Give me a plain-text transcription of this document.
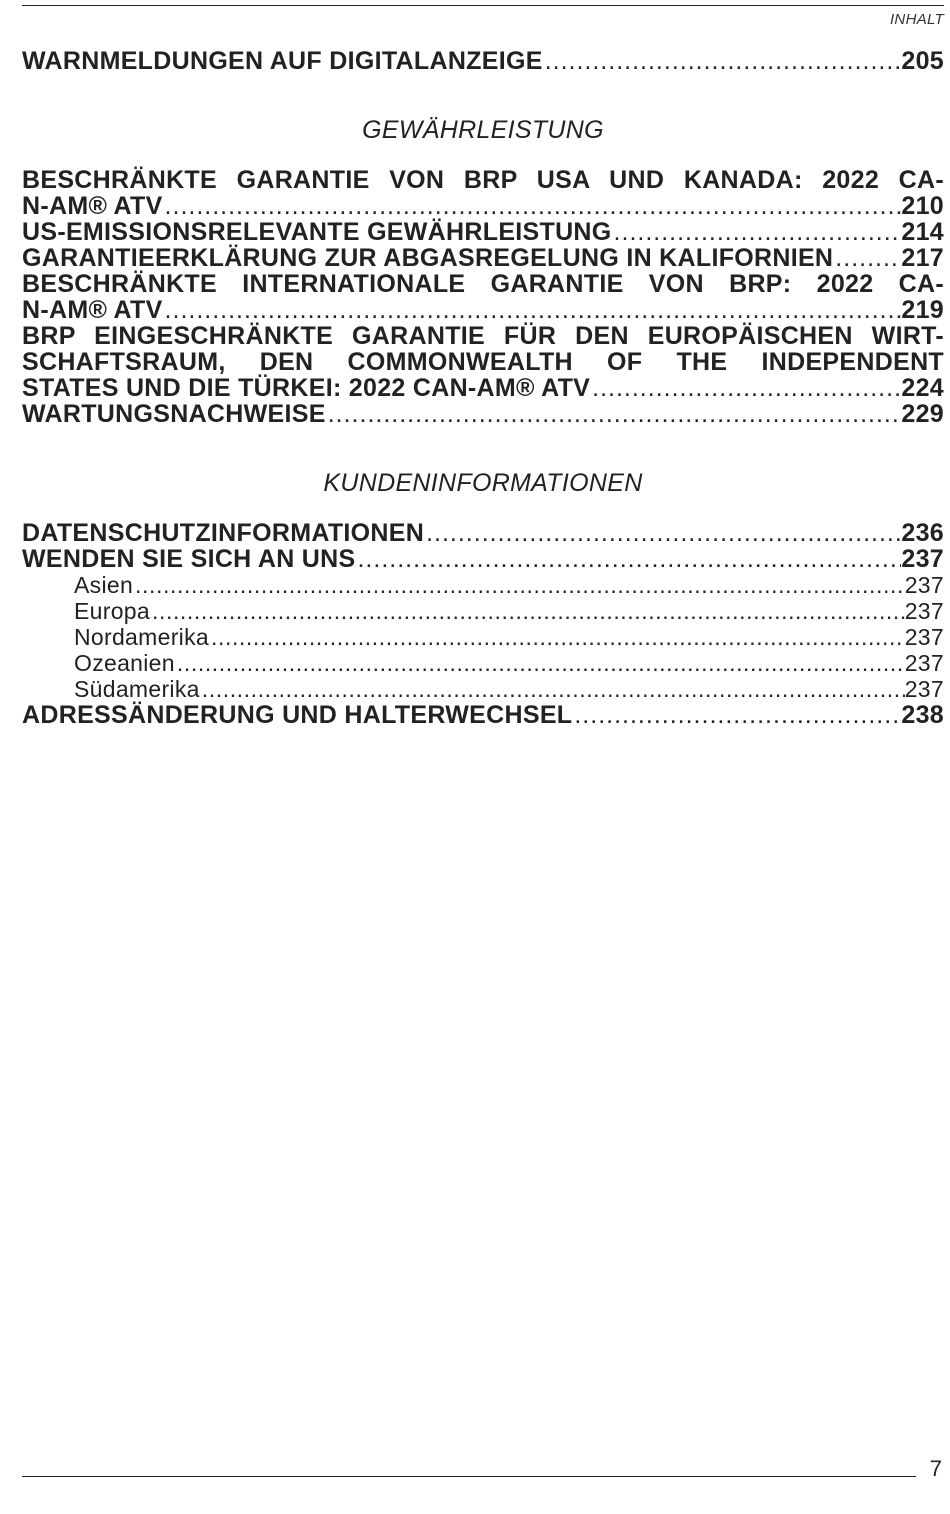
INHALT
WARNMELDUNGEN AUF DIGITALANZEIGE .....	205
GEWÄHRLEISTUNG
BESCHRÄNKTE GARANTIE VON BRP USA UND KANADA: 2022 CA-
N-AM® ATV .....	210
US-EMISSIONSRELEVANTE GEWÄHRLEISTUNG .....	214
GARANTIEERKLÄRUNG ZUR ABGASREGELUNG IN KALIFORNIEN .....	217
BESCHRÄNKTE INTERNATIONALE GARANTIE VON BRP: 2022 CA-
N-AM® ATV .....	219
BRP EINGESCHRÄNKTE GARANTIE FÜR DEN EUROPÄISCHEN WIRT-
SCHAFTSRAUM, DEN COMMONWEALTH OF THE INDEPENDENT
STATES UND DIE TÜRKEI: 2022 CAN-AM® ATV .....	224
WARTUNGSNACHWEISE .....	229
KUNDENINFORMATIONEN
DATENSCHUTZINFORMATIONEN .....	236
WENDEN SIE SICH AN UNS .....	237
Asien .....	237
Europa .....	237
Nordamerika .....	237
Ozeanien .....	237
Südamerika .....	237
ADRESSÄNDERUNG UND HALTERWECHSEL .....	238
7
